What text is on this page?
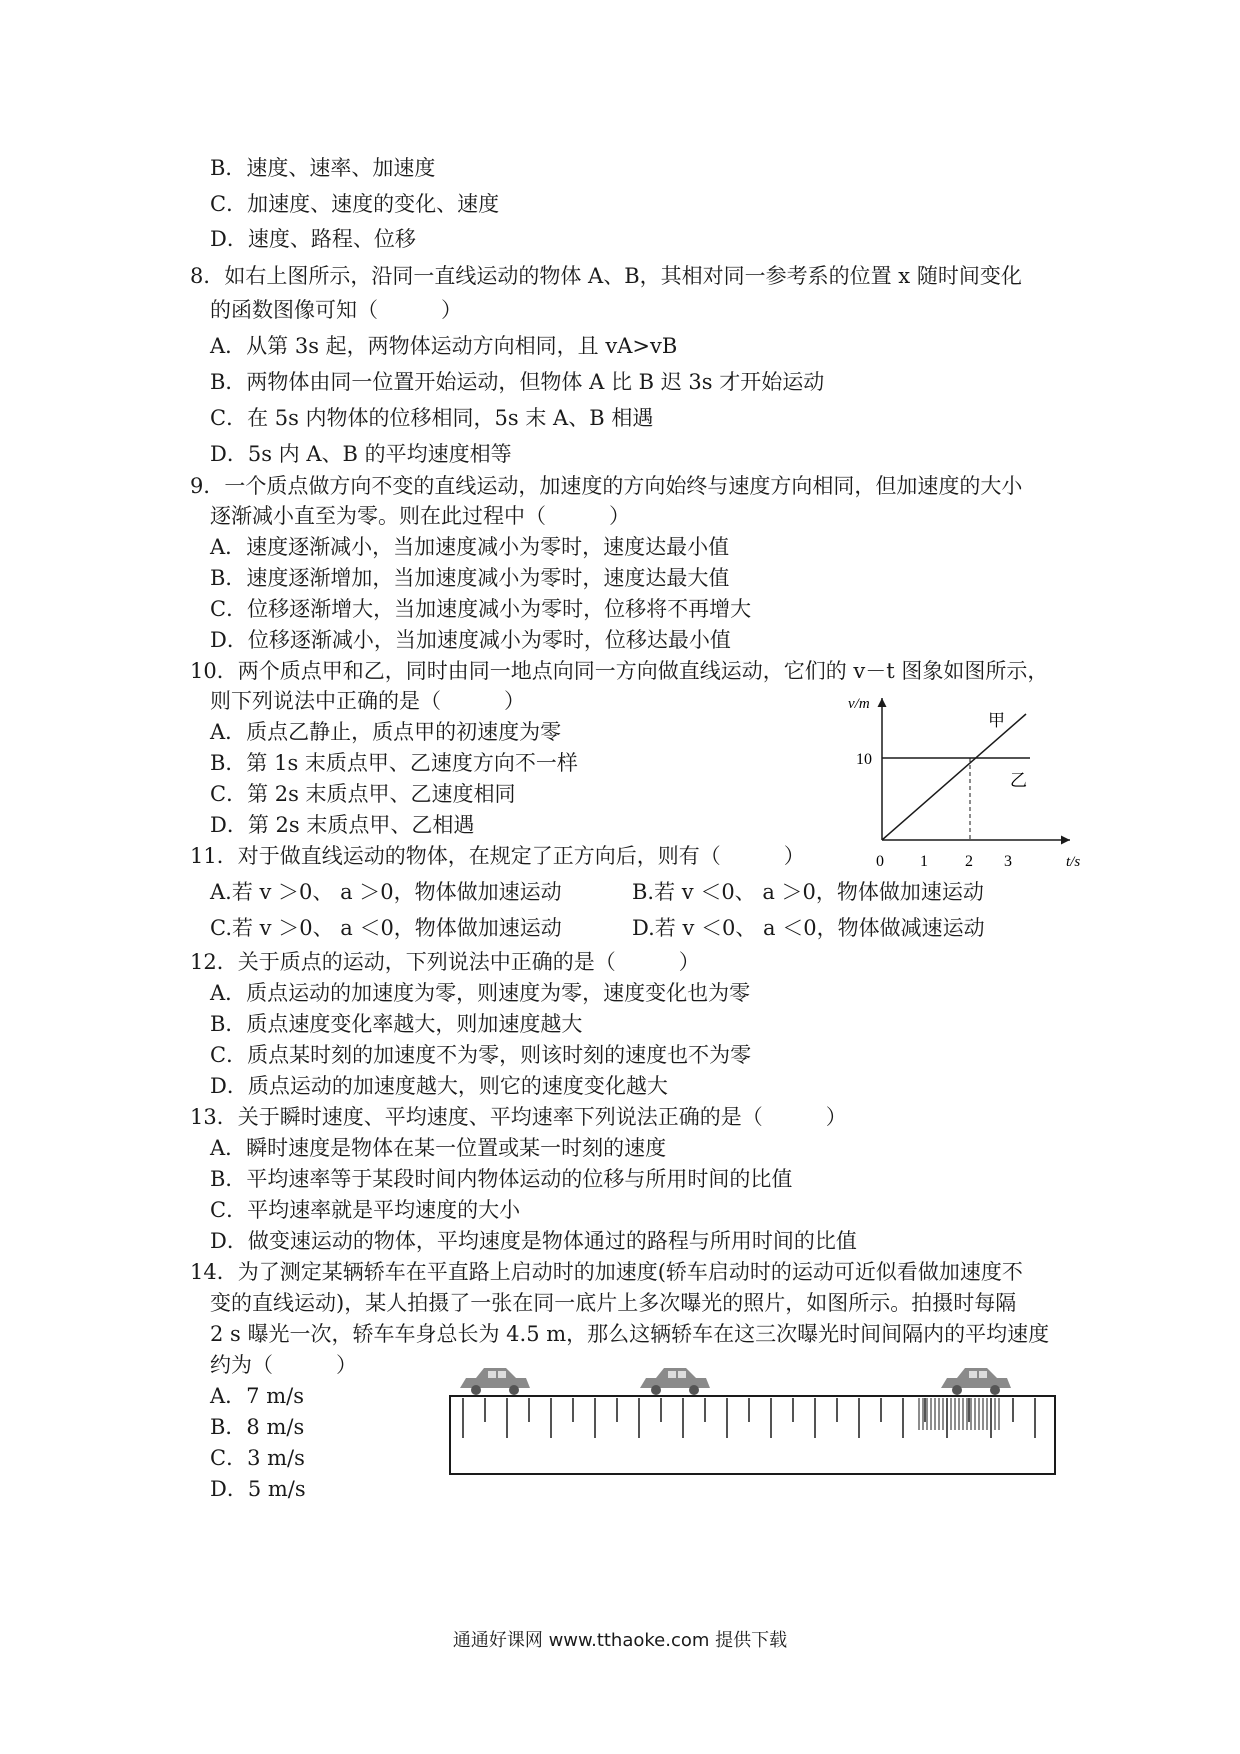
B．速度、速率、加速度
C．加速度、速度的变化、速度
D．速度、路程、位移
8．如右上图所示，沿同一直线运动的物体 A、B，其相对同一参考系的位置 x 随时间变化
的函数图像可知（　　　）
A．从第 3s 起，两物体运动方向相同，且 vA>vB
B．两物体由同一位置开始运动，但物体 A 比 B 迟 3s 才开始运动
C．在 5s 内物体的位移相同，5s 末 A、B 相遇
D．5s 内 A、B 的平均速度相等
9．一个质点做方向不变的直线运动，加速度的方向始终与速度方向相同，但加速度的大小
逐渐减小直至为零。则在此过程中（　　　）
A．速度逐渐减小，当加速度减小为零时，速度达最小值
B．速度逐渐增加，当加速度减小为零时，速度达最大值
C．位移逐渐增大，当加速度减小为零时，位移将不再增大
D．位移逐渐减小，当加速度减小为零时，位移达最小值
10．两个质点甲和乙，同时由同一地点向同一方向做直线运动，它们的 v－t 图象如图所示，
则下列说法中正确的是（　　　）
A．质点乙静止，质点甲的初速度为零
B．第 1s 末质点甲、乙速度方向不一样
C．第 2s 末质点甲、乙速度相同
D．第 2s 末质点甲、乙相遇
v/m
10
甲
乙
0 1 2 3	t/s
11．对于做直线运动的物体，在规定了正方向后，则有（　　　）
A.若 v ＞0、 a ＞0，物体做加速运动	B.若 v ＜0、 a ＞0，物体做加速运动
C.若 v ＞0、 a ＜0，物体做加速运动	D.若 v ＜0、 a ＜0，物体做减速运动
12．关于质点的运动，下列说法中正确的是（　　　）
A．质点运动的加速度为零，则速度为零，速度变化也为零
B．质点速度变化率越大，则加速度越大
C．质点某时刻的加速度不为零，则该时刻的速度也不为零
D．质点运动的加速度越大，则它的速度变化越大
13．关于瞬时速度、平均速度、平均速率下列说法正确的是（　　　）
A．瞬时速度是物体在某一位置或某一时刻的速度
B．平均速率等于某段时间内物体运动的位移与所用时间的比值
C．平均速率就是平均速度的大小
D．做变速运动的物体，平均速度是物体通过的路程与所用时间的比值
14．为了测定某辆轿车在平直路上启动时的加速度(轿车启动时的运动可近似看做加速度不
变的直线运动)，某人拍摄了一张在同一底片上多次曝光的照片，如图所示。拍摄时每隔
2 s 曝光一次，轿车车身总长为 4.5 m，那么这辆轿车在这三次曝光时间间隔内的平均速度
约为（　　　）
A．7 m/s
B．8 m/s
C．3 m/s
D．5 m/s
通通好课网 www.tthaoke.com 提供下载
